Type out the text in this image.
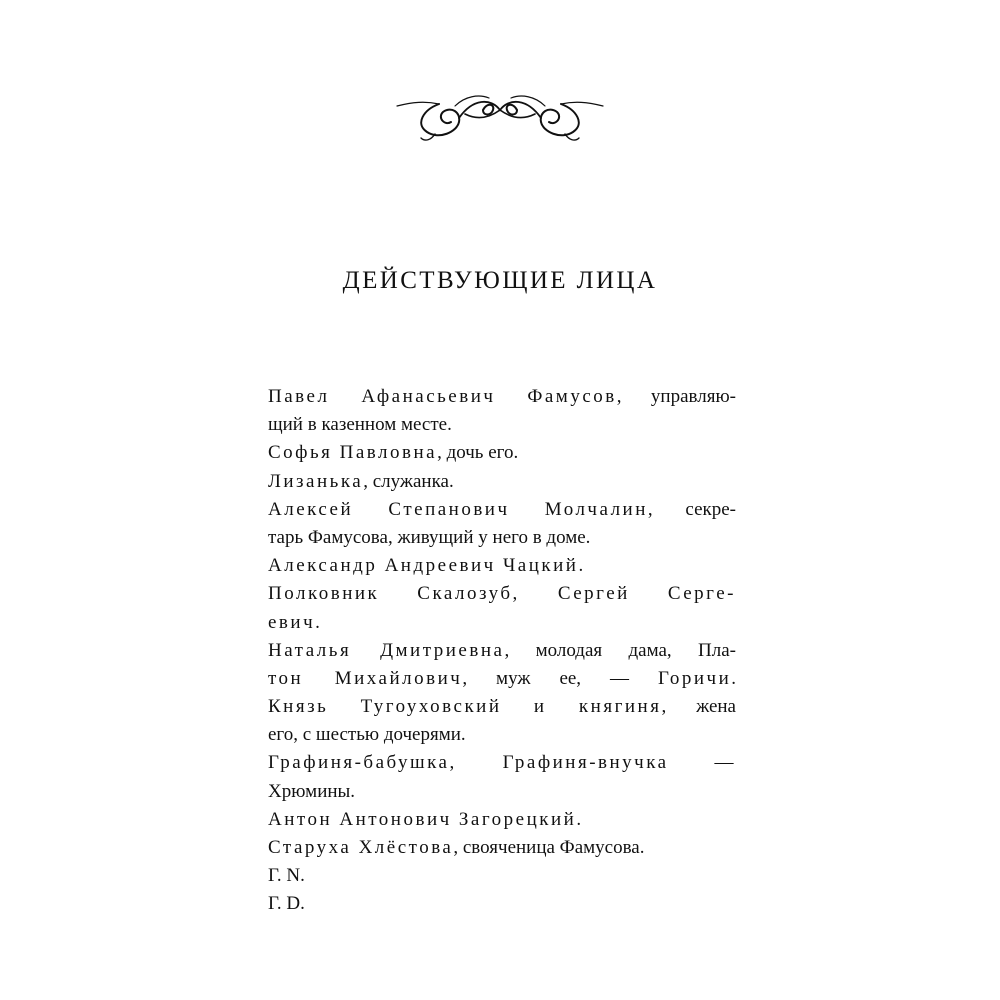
ДЕЙСТВУЮЩИЕ ЛИЦА
Павел Афанасьевич Фамусов, управляю-
щий в казенном месте.
Софья Павловна, дочь его.
Лизанька, служанка.
Алексей Степанович Молчалин, секре-
тарь Фамусова, живущий у него в доме.
Александр Андреевич Чацкий.
Полковник Скалозуб, Сергей Серге-
евич.
Наталья Дмитриевна, молодая дама, Пла-
тон Михайлович, муж ее, — Горичи.
Князь Тугоуховский и княгиня, жена
его, с шестью дочерями.
Графиня-бабушка, Графиня-внучка —
Хрюмины.
Антон Антонович Загорецкий.
Старуха Хлёстова, свояченица Фамусова.
Г. N.
Г. D.
